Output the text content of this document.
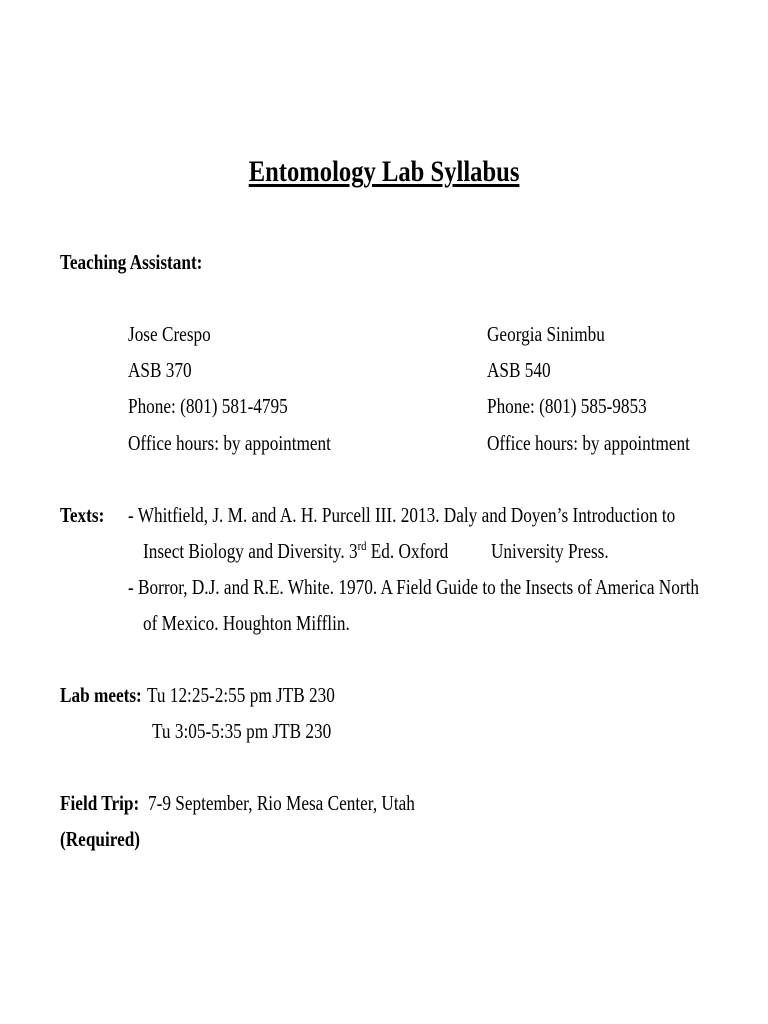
Entomology Lab Syllabus
Teaching Assistant:
Jose Crespo
ASB 370
Phone: (801) 581-4795
Office hours: by appointment
Georgia Sinimbu
ASB 540
Phone: (801) 585-9853
Office hours: by appointment
Texts: - Whitfield, J. M. and A. H. Purcell III. 2013. Daly and Doyen’s Introduction to
Insect Biology and Diversity. 3rd Ed. Oxford University Press.
- Borror, D.J. and R.E. White. 1970. A Field Guide to the Insects of America North
of Mexico. Houghton Mifflin.
Lab meets: Tu 12:25-2:55 pm JTB 230
Tu 3:05-5:35 pm JTB 230
Field Trip: 7-9 September, Rio Mesa Center, Utah
(Required)
